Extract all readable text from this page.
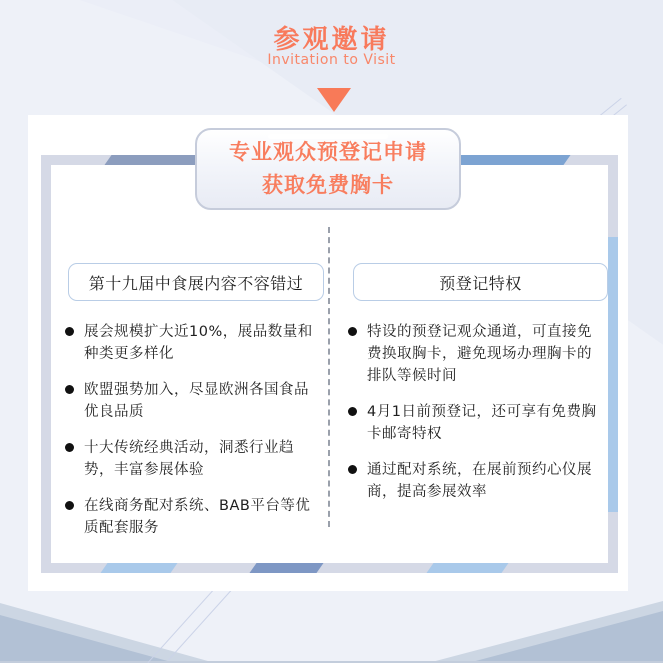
参观邀请
Invitation to Visit
专业观众预登记申请
获取免费胸卡
第十九届中食展内容不容错过	预登记特权
展会规模扩大近10%，展品数量和种类更多样化
欧盟强势加入，尽显欧洲各国食品优良品质
十大传统经典活动，洞悉行业趋势，丰富参展体验
在线商务配对系统、BAB平台等优质配套服务
特设的预登记观众通道，可直接免费换取胸卡，避免现场办理胸卡的排队等候时间
4月1日前预登记，还可享有免费胸卡邮寄特权
通过配对系统，在展前预约心仪展商，提高参展效率
